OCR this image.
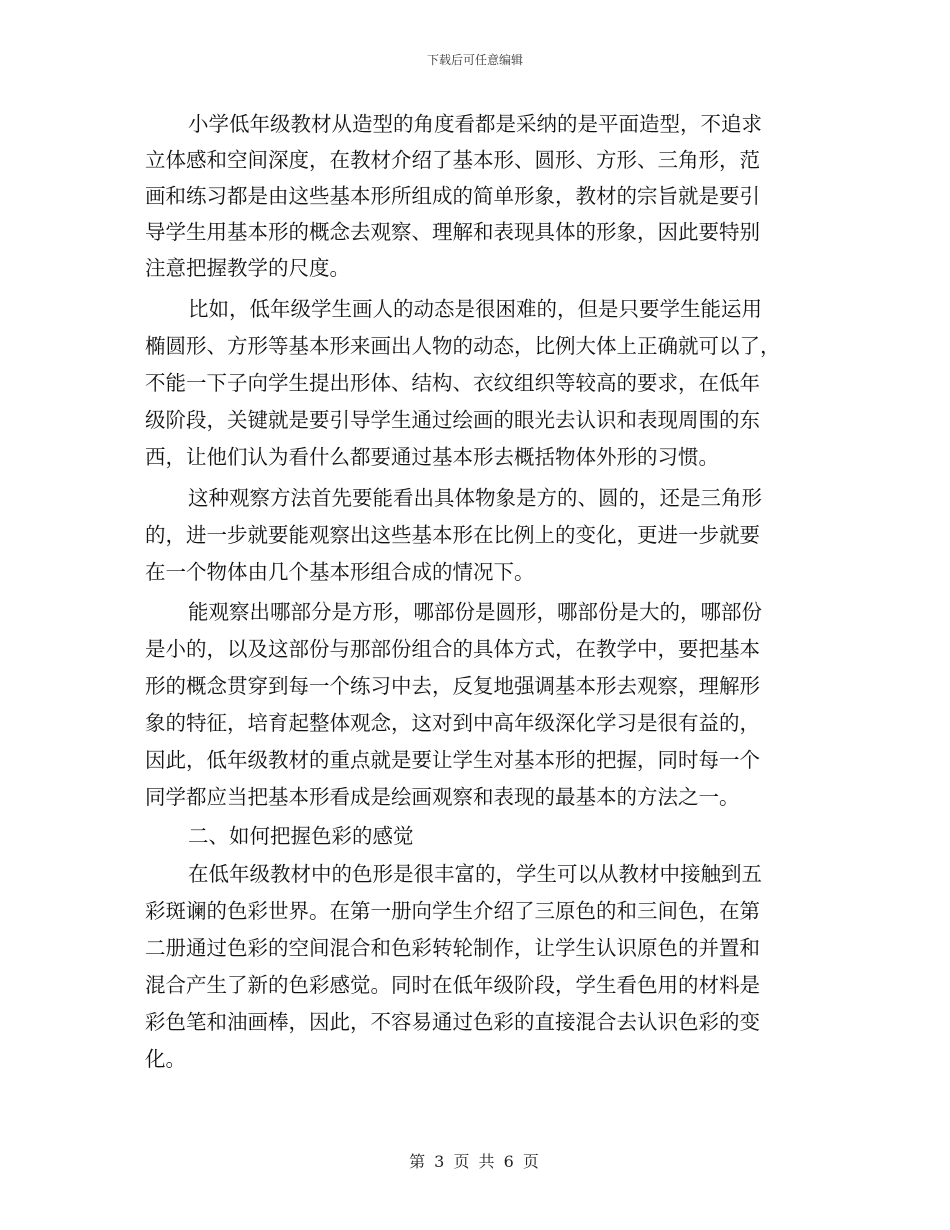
下载后可任意编辑
小学低年级教材从造型的角度看都是采纳的是平面造型，不追求
立体感和空间深度，在教材介绍了基本形、圆形、方形、三角形，范
画和练习都是由这些基本形所组成的简单形象，教材的宗旨就是要引
导学生用基本形的概念去观察、理解和表现具体的形象，因此要特别
注意把握教学的尺度。
比如，低年级学生画人的动态是很困难的，但是只要学生能运用
椭圆形、方形等基本形来画出人物的动态，比例大体上正确就可以了，
不能一下子向学生提出形体、结构、衣纹组织等较高的要求，在低年
级阶段，关键就是要引导学生通过绘画的眼光去认识和表现周围的东
西，让他们认为看什么都要通过基本形去概括物体外形的习惯。
这种观察方法首先要能看出具体物象是方的、圆的，还是三角形
的，进一步就要能观察出这些基本形在比例上的变化，更进一步就要
在一个物体由几个基本形组合成的情况下。
能观察出哪部分是方形，哪部份是圆形，哪部份是大的，哪部份
是小的，以及这部份与那部份组合的具体方式，在教学中，要把基本
形的概念贯穿到每一个练习中去，反复地强调基本形去观察，理解形
象的特征，培育起整体观念，这对到中高年级深化学习是很有益的，
因此，低年级教材的重点就是要让学生对基本形的把握，同时每一个
同学都应当把基本形看成是绘画观察和表现的最基本的方法之一。
二、如何把握色彩的感觉
在低年级教材中的色形是很丰富的，学生可以从教材中接触到五
彩斑谰的色彩世界。在第一册向学生介绍了三原色的和三间色，在第
二册通过色彩的空间混合和色彩转轮制作，让学生认识原色的并置和
混合产生了新的色彩感觉。同时在低年级阶段，学生看色用的材料是
彩色笔和油画棒，因此，不容易通过色彩的直接混合去认识色彩的变
化。
第 3 页 共 6 页
